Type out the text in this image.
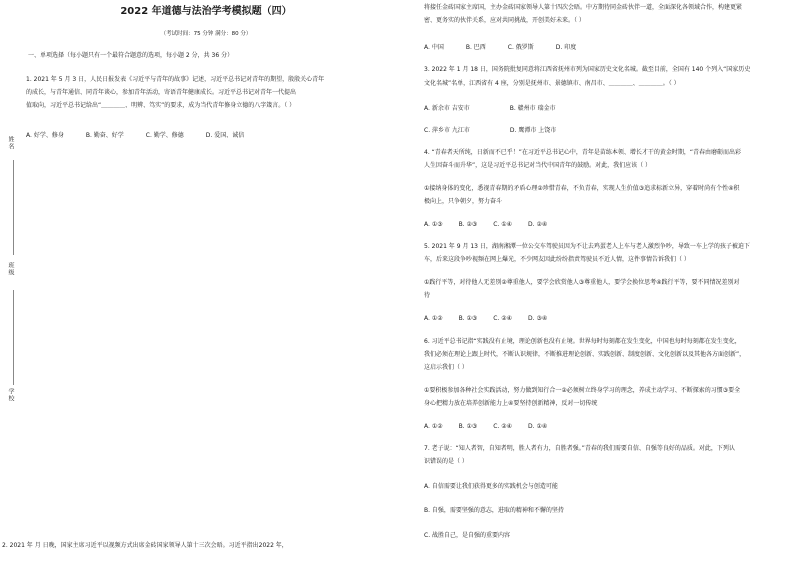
姓名
班级
学校
2022 年道德与法治学考模拟题（四）
（考试时间：75 分钟 满分：80 分）
一、单项选择（每小题只有一个最符合题意的选项，每小题 2 分，共 36 分）
1. 2021 年 5 月 3 日，人民日报发表《习近平与青年的故事》记述，习近平总书记对青年的期望，殷殷关心青年
的成长，与青年通信、同青年谈心，参加青年活动，寄语青年健康成长。习近平总书记对青年一代提出
值取向，习近平总书记给出“＿＿＿＿、明辨、笃实”的要求，成为当代青年修身立德的八字箴言。（ ）
A. 好学、修身	B. 勤奋、好学	C. 勤学、修德	D. 爱国、诚信
2. 2021 年 月 日晚，国家主席习近平以视频方式出席金砖国家领导人第十三次会晤。习近平指出2022 年，
将接任金砖国家主席国，主办金砖国家领导人第十四次会晤。中方期待同金砖伙伴一道，全面深化各领域合作，构建更紧
密、更务实的伙伴关系，应对共同挑战，开创美好未来。（ ）
A. 中国	B. 巴西	C. 俄罗斯	D. 印度
3. 2022 年 1 月 18 日，国务院批复同意将江西省抚州市列为国家历史文化名城。截至目前，全国有 140 个列入“国家历史
文化名城”名单，江西省有 4 座，分别是抚州市、景德镇市、南昌市、＿＿＿＿、＿＿＿＿。（ ）
A. 新余市 吉安市	B. 赣州市 瑞金市
C. 萍乡市 九江市	D. 鹰潭市 上饶市
4. “青春者天所纯，日新而不已乎！”在习近平总书记心中，青年是苗练本领、增长才干的黄金时期，“青春由磨砺而出彩
人生因奋斗而升华”，这是习近平总书记对当代中国青年的鼓励。对此，我们应该（ ）
①接纳身体的变化，悉视青春期的矛盾心理②珍惜青春，不负青春，实现人生价值③追求标新立异，穿着时尚有个性④积
极向上，只争朝夕，努力奋斗
A. ①③	B. ②③	C. ①④	D. ②④
5. 2021 年 9 月 13 日，湖南湘潭一位公交车驾驶员因为不让去鸡蛋老人上车与老人激烈争吵，导致一车上学的孩子被迫下
车，后来这段争吵视频在网上爆光，不少网友因此纷纷指责驾驶员不近人情，这件事情告诉我们（ ）
①践行平等，对待他人无差别②尊重他人，要学会欣赏他人③尊重他人，要学会换位思考④践行平等，要不同情况差别对
待
A. ①②	B. ①③	C. ②④	D. ③④
6. 习近平总书记指“实践没有止境，理论创新也没有止境。世界每时每刻都在发生变化，中国也每时每刻都在发生变化，
我们必须在理论上跟上时代，不断认识规律，不断推进理论创新、实践创新、制度创新、文化创新以及其他各方面创新”，
这启示我们（ ）
①要积极参加各种社会实践活动，努力做到知行合一②必须树立终身学习的理念，养成主动学习、不断探索的习惯③要全
身心把精力放在培养创新能力上④要坚持创新精神，反对一切传统
A. ①②	B. ①③	C. ②④	D. ①④
7. 老子说：“知人者智，自知者明，胜人者有力，自胜者强。”青春的我们需要自信、自强等良好的品质。对此，下列认
识错误的是（ ）
A. 自信需要让我们获得更多的实践机会与创造可能
B. 自强，需要坚强的意志，进取的精神和不懈的坚持
C. 战胜自己，是自强的重要内容
